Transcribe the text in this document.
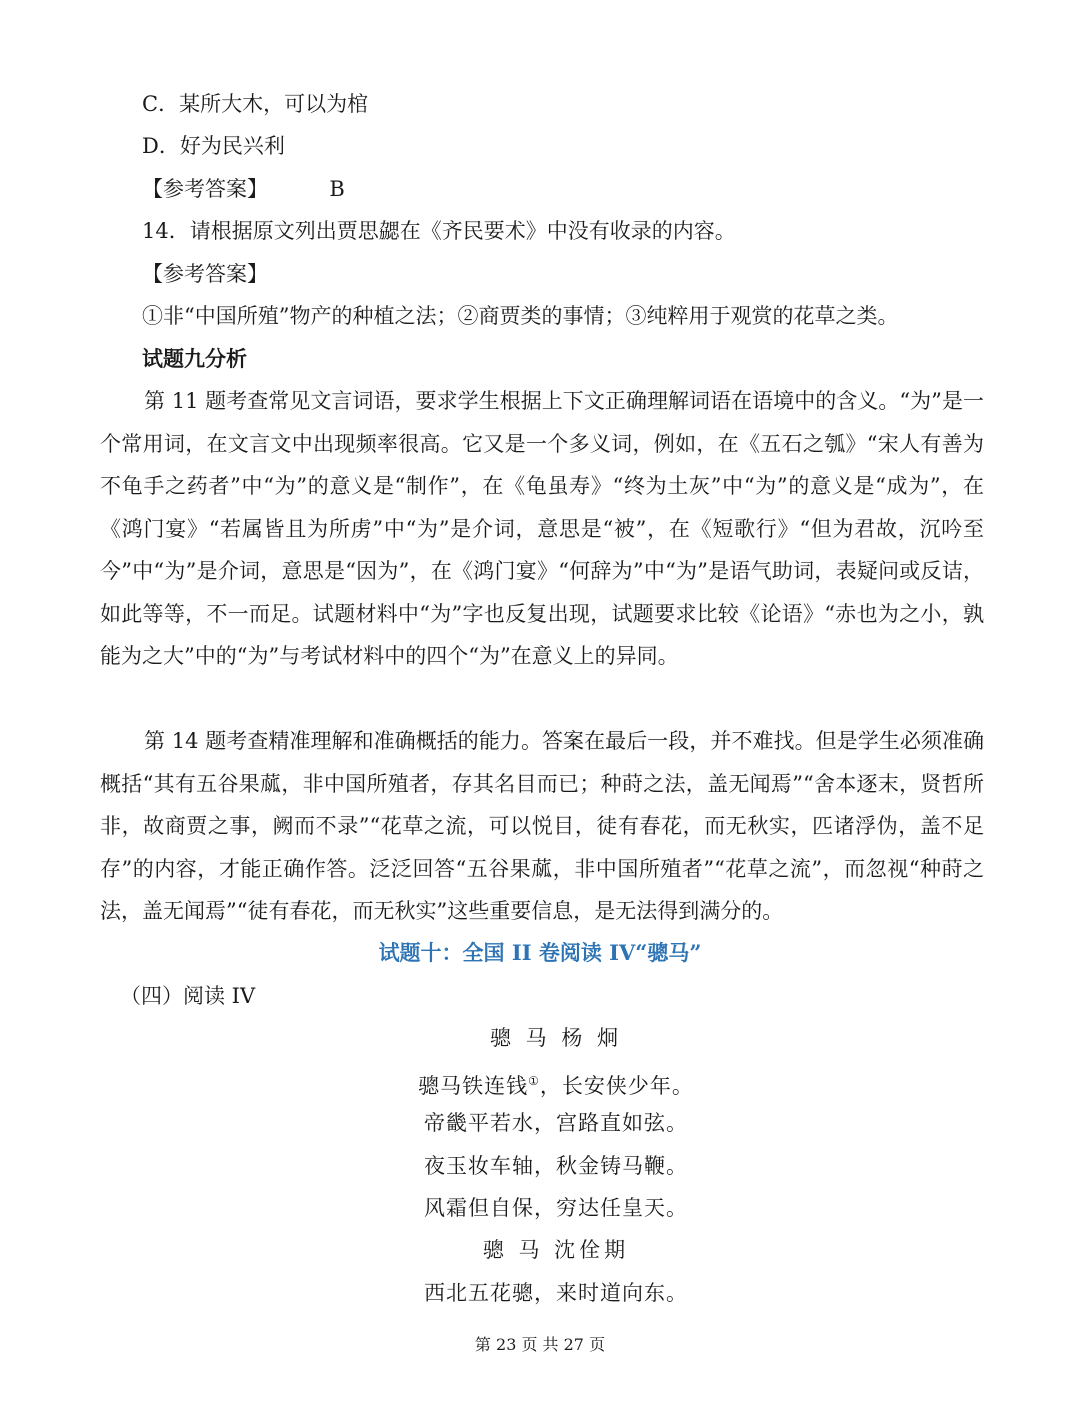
C．某所大木，可以为棺
D．好为民兴利
【参考答案】	B
14．请根据原文列出贾思勰在《齐民要术》中没有收录的内容。
【参考答案】
①非“中国所殖”物产的种植之法；②商贾类的事情；③纯粹用于观赏的花草之类。
试题九分析
第 11 题考查常见文言词语，要求学生根据上下文正确理解词语在语境中的含义。“为”是一个常用词，在文言文中出现频率很高。它又是一个多义词，例如，在《五石之瓠》“宋人有善为不龟手之药者”中“为”的意义是“制作”，在《龟虽寿》“终为土灰”中“为”的意义是“成为”，在《鸿门宴》“若属皆且为所虏”中“为”是介词，意思是“被”，在《短歌行》“但为君故，沉吟至今”中“为”是介词，意思是“因为”，在《鸿门宴》“何辞为”中“为”是语气助词，表疑问或反诘，如此等等，不一而足。试题材料中“为”字也反复出现，试题要求比较《论语》“赤也为之小，孰能为之大”中的“为”与考试材料中的四个“为”在意义上的异同。
第 14 题考查精准理解和准确概括的能力。答案在最后一段，并不难找。但是学生必须准确概括“其有五谷果蓏，非中国所殖者，存其名目而已；种莳之法，盖无闻焉”“舍本逐末，贤哲所非，故商贾之事，阙而不录”“花草之流，可以悦目，徒有春花，而无秋实，匹诸浮伪，盖不足存”的内容，才能正确作答。泛泛回答“五谷果蓏，非中国所殖者”“花草之流”，而忽视“种莳之法，盖无闻焉”“徒有春花，而无秋实”这些重要信息，是无法得到满分的。
试题十：全国 II 卷阅读 IV“骢马”
（四）阅读 IV
骢 马 杨 炯
骢马铁连钱①，长安侠少年。
帝畿平若水，宫路直如弦。
夜玉妆车轴，秋金铸马鞭。
风霜但自保，穷达任皇天。
骢 马 沈佺期
西北五花骢，来时道向东。
第 23 页 共 27 页
